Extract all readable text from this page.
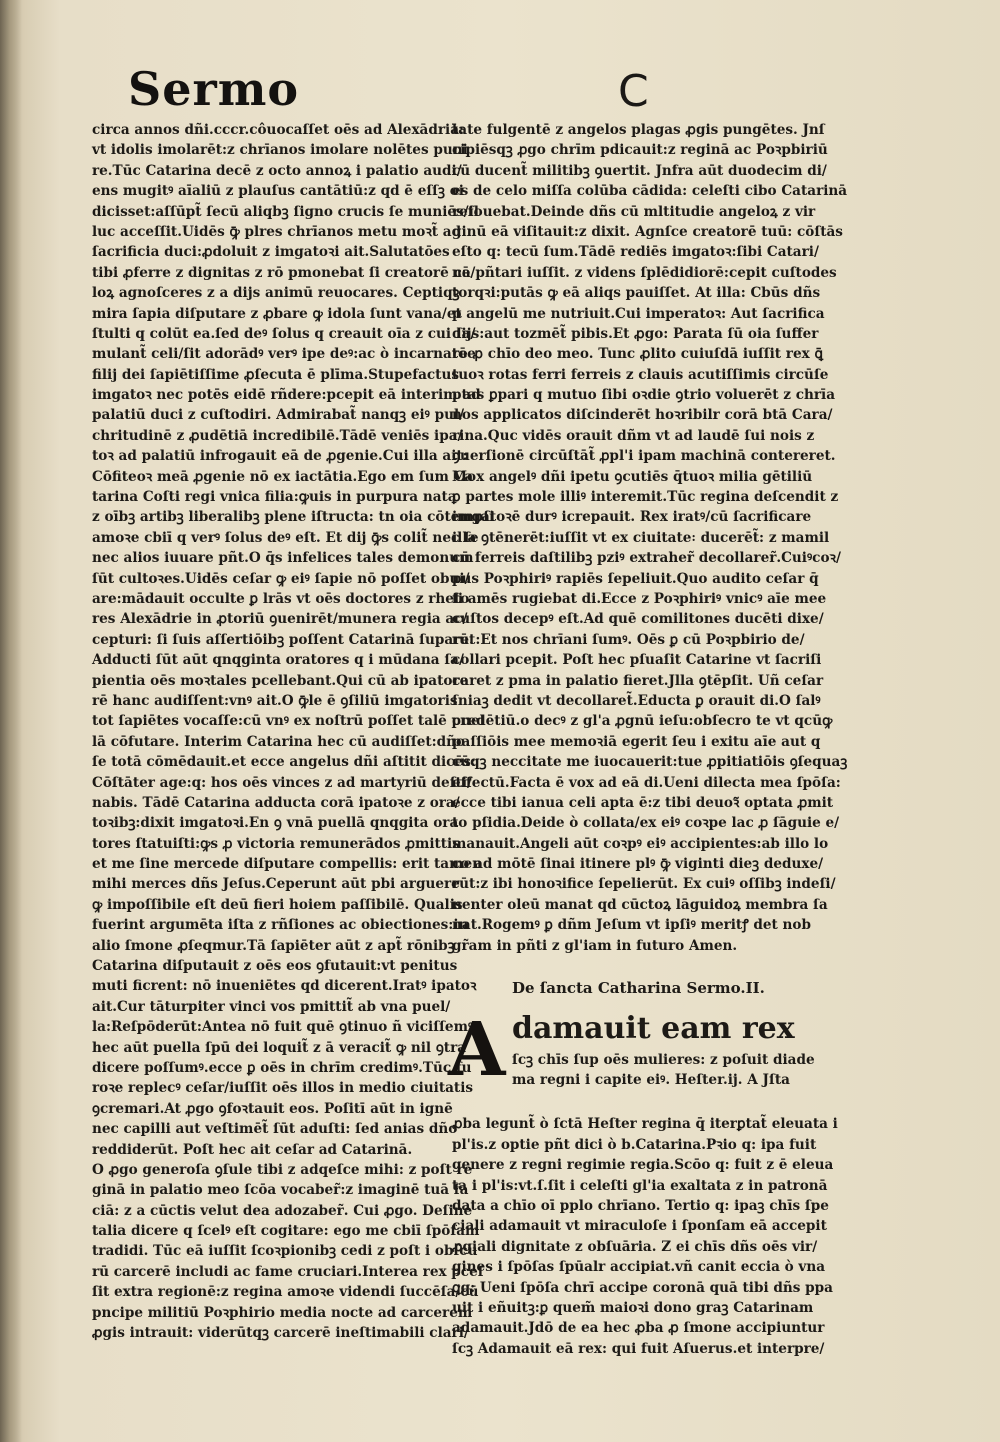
Sermo	C
circa annos dñi.cccr.côuocaſſet oēs ad Alexādriā:
vt idolis imolarēt:z chrīanos imolare nolētes puni
re.Tūc Catarina decē z octo annoꝝ i palatio audi/
ens mugitꝰ aīaliū z plauſus cantātiū:z qd ē eſſꝫ oi
dicisset:aſſūpt̃ ſecū aliqbꝫ ſigno crucis ſe muniēs/il
luc acceſſit.Uidēs ꝙ̄ plres chrīanos metu moꝛt̃ ad
ſacrificia duci:ꝓdoluit z imgatoꝛi ait.Salutatōes
tibi ꝓferre z dignitas z rō pmonebat ſi creatorē ce/
loꝝ agnoſceres z a dijs animū reuocares. Ceptiqꝫ
mira ſapia diſputare z ꝓbare ꝙ idola ſunt vana/et
ſtulti q colūt ea.ſed deꝰ ſolus q creauit oīa z cui ſa/
mulant̃ celi/ſit adorādꝰ verꝰ ipe deꝰ:ac ò incarnatōe
filij dei ſapiētiſſime ꝓſecuta ē plīma.Stupefactus
imgatoꝛ nec potēs eidē rñdere:pcepit eā interim ad
palatiū duci z cuſtodiri. Admirabat̃ nanqꝫ eiꝰ pul/
chritudinē z ꝓudētiā incredibilē.Tādē veniēs ipa/
toꝛ ad palatiū infrogauit eā de ꝓgenie.Cui illa ait:
Cōfiteoꝛ meā ꝓgenie nō ex iactātia.Ego em ſum Ca
tarina Coſti regi vnica filia:ꝙuis in purpura nata
z oībꝫ artibꝫ liberalibꝫ plene iſtructa: tn oia cōtempſi
amoꝛe cbiī q verꝰ ſolus deꝰ eſt. Et dij ꝙ̄s colit̃ nec ſe
nec alios iuuare pñt.O q̄s infelices tales demonum
ſūt cultoꝛes.Uidēs ceſar ꝙ eiꝰ ſapie nō poſſet obui/
are:mādauit occulte ꝑ lrās vt oēs doctores z rheto
res Alexādrie in ꝓtoriū ꝯuenirēt/munera regia ac/
cepturi: ſi ſuis aſſertiōibꝫ poſſent Catarinā ſupare.
Adducti ſūt aūt qnqginta oratores q i mūdana ſa/
pientia oēs moꝛtales pcellebant.Qui cū ab ipatore
rē hanc audiſſent:vnꝰ ait.O ꝙ̄le ē ꝯſiliū imgatoris
tot ſapiētes vocaſſe:cū vnꝰ ex noſtrū poſſet talē puel
lā cōfutare. Interim Catarina hec cū audiſſet:dño
ſe totā cōmēdauit.et ecce angelus dñi aſtitit dicēs:
Cōſtāter age:q: hos oēs vinces z ad martyriū deſti/
nabis. Tādē Catarina adducta corā ipatoꝛe z ora/
toꝛibꝫ:dixit imgatoꝛi.En ꝯ vnā puellā qnqgita ora
tores ſtatuiſti:ꝙs ꝓ victoria remunerādos ꝓmittis
et me ſine mercede diſputare compellis: erit tamen
mihi merces dñs Jeſus.Ceperunt aūt pbi arguere
ꝙ impoſſibile eſt deū fieri hoiem paſſibilē. Qualis
fuerint argumēta iſta z rñſiones ac obiectiones:in
alio ſmone ꝓſeqmur.Tā ſapiēter aūt z apt̃ rōnibꝫ
Catarina diſputauit z oēs eos ꝯfutauit:vt penitus
muti ficrent: nō inueniētes qd dicerent.Iratꝰ ipatoꝛ
ait.Cur tāturpiter vinci vos pmittit̃ ab vna puel/
la:Reſpōderūt:Antea nō fuit quē ꝯtinuo ñ viciſſemꝰ
hec aūt puella ſpū dei loquit̃ z ā veracit̃ ꝙ nil ꝯtra
dicere poſſumꝰ.ecce ꝑ oēs in chrīm credimꝰ.Tūc fu
roꝛe replecꝰ ceſar/iuſſit oēs illos in medio ciuitatis
ꝯcremari.At ꝓgo ꝯfoꝛtauit eos. Poſitī aūt in ignē
nec capilli aut veſtimēt̃ ſūt aduſti: ſed anias dño
reddiderūt. Poſt hec ait ceſar ad Catarinā.
O ꝓgo generoſa ꝯſule tibi z adqeſce mihi: z poſt re
ginā in palatio meo ſcōa vocaber̃:z imaginē tuā fa
ciā: z a cūctis velut dea adozaber̃. Cui ꝓgo. Deſine
talia dicere q ſcelꝰ eſt cogitare: ego me cbiī ſpōſam
tradidi. Tūc eā iuſſit ſcoꝛpionibꝫ cedi z poſt i obſcu
rū carcerē includi ac fame cruciari.Interea rex pceſ
ſit extra regionē:z regina amoꝛe videndi ſuccēſa/cū
pncipe militiū Poꝛphirio media nocte ad carcerem
ꝓgis intrauit: viderūtqꝫ carcerē ineſtimabili clari/
tate fulgentē z angelos plagas ꝓgis pungētes. Jnſ
cipiēsqꝫ ꝓgo chrīm pdicauit:z reginā ac Poꝛpbiriū
cū ducent̃ militibꝫ ꝯuertit. Jnfra aūt duodecim di/
es de celo miſſa colūba cādida: celeſti cibo Catarinā
refouebat.Deinde dñs cū mltitudie angeloꝝ z vir
ginū eā viſitauit:z dixit. Agnſce creatorē tuū: cōſtās
eſto q: tecū ſum.Tādē rediēs imgatoꝛ:ſibi Catari/
nā pñtari iuſſit. z videns ſplēdidiorē:cepit cuſtodes
torqꝛi:putās ꝙ eā aliqs pauiſſet. At illa: Cbūs dñs
p angelū me nutriuit.Cui imperatoꝛ: Aut ſacrifica
dijs:aut tozmēt̃ pibis.Et ꝓgo: Parata ſū oia ſuffer
re ꝓ chīo deo meo. Tunc ꝓlito cuiuſdā iuſſit rex ꝗ̄
tuoꝛ rotas ferri ferreis z clauis acutiſſimis circūſe
ptas ꝑpari q mutuo ſibi oꝛdie ꝯtrio voluerēt z chrīa
nos applicatos diſcinderēt hoꝛribilr corā btā Cara/
rina.Quc vidēs orauit dñm vt ad laudē ſui nois z
ꝯuerſionē circūſtāt̃ ꝓpl'i ipam machinā contereret.
Mox angelꝰ dñi ipetu ꝯcutiēs q̄tuoꝛ milia gētiliū
ꝑ partes mole illiꝰ interemit.Tūc regina deſcendit z
imgatoꝛē durꝰ icrepauit. Rex iratꝰ/cū ſacrificare
illa ꝯtēnerēt:iuſſit vt ex ciuitate꞉ ducerēt̃: z mamil
cū ferreis daſtilibꝫ pziꝰ extraher̃ decollarer̃.Cuiꝰcoꝛ/
pus Poꝛphiriꝰ rapiēs ſepeliuit.Quo audito ceſar q̄
ſi amēs rugiebat di.Ecce z Poꝛphiriꝰ vnicꝰ aīe mee
cuſtos decepꝰ eſt.Ad quē comilitones ducēti dixe/
rūt:Et nos chrīani ſumꝰ. Oēs ꝑ cū Poꝛpbirio de/
collari pcepit. Poſt hec pſuaſit Catarine vt ſacriſi
caret z pma in palatio fieret.Jlla ꝯtēpſit. Uñ ceſar
ſniaꝫ dedit vt decollaret̃.Educta ꝑ orauit di.O ſalꝰ
credētiū.o decꝰ z gl'a ꝓgnū ieſu:obſecro te vt qcūꝙ
paſſiōis mee memoꝛiā egerit ſeu i exitu aīe aut q
cūqꝫ neccitate me iuocauerit:tue ꝓpitiatiōis ꝯſequaꝫ
effectū.Facta ē vox ad eā di.Ueni dilecta mea ſpōſa:
ecce tibi ianua celi apta ē:z tibi deuoꝛ̃ optata ꝓmit
to pſidia.Deide ò collata/ex eiꝰ coꝛpe lac ꝓ ſāguie e/
manauit.Angeli aūt coꝛpꝰ eiꝰ accipientes:ab illo lo
co ad mōtē ſinai itinere plꝰ ꝙ̄ viginti dieꝫ deduxe/
rūt:z ibi honoꝛifice ſepelierūt. Ex cuiꝰ oſſibꝫ indeſi/
nenter oleū manat qd cūctoꝝ lāguidoꝝ membra ſa
nat.Rogemꝰ ꝑ dñm Jeſum vt ipſiꝰ meritꝭ det nob
gr̃am in pñti z gl'iam in futuro Amen.
De ſancta Catharina Sermo.II.
A damauit eam rex
ſcꝫ chīs ſup oēs mulieres: z poſuit diade
ma regni i capite eiꝰ. Heſter.ij. A Jſta
ꝓba legunt̃ ò ſctā Heſter regina q̄ iterꝑtat̃ eleuata i
pl'is.z optie pñt dici ò b.Catarina.Pꝛio q: ipa fuit
genere z regni regimie regia.Scōo q: fuit z ē eleua
ta i pl'is:vt.ſ.ſit i celeſti gl'ia exaltata z in patronā
data a chīo oī pplo chrīano. Tertio q: ipaꝫ chīs ſpe
ciali adamauit vt miraculoſe i ſponſam eā accepit
ꝓgiali dignitate z obſuāria. Z ei chīs dñs oēs vir/
gines i ſpōſas ſpūalr accipiat.vñ canit eccia ò vna
ꝗq: Ueni ſpōſa chrī accipe coronā quā tibi dñs ppa
uit i eñuitꝫ:ꝑ quem̃ maioꝛi dono graꝫ Catarinam
adamauit.Jdō de ea hec ꝓba ꝓ ſmone accipiuntur
ſcꝫ Adamauit eā rex: qui fuit Aſuerus.et interpre/
